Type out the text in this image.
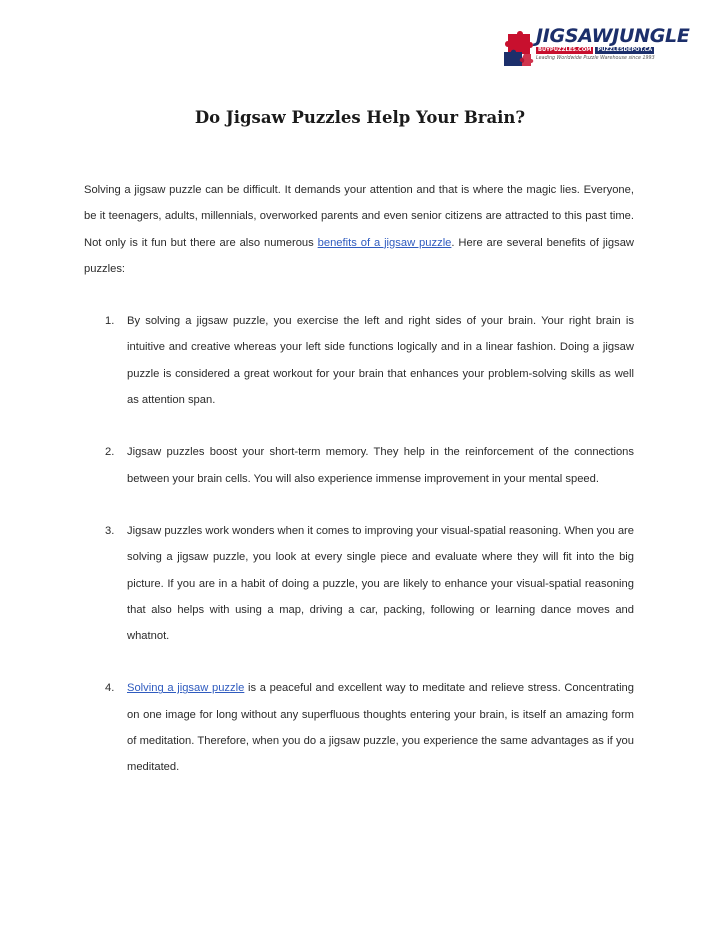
JIGSAWJUNGLE
BUYPUZZLES.COM	PUZZLESDEPOT.CA
Leading Worldwide Puzzle Warehouse since 1993
Do Jigsaw Puzzles Help Your Brain?

Solving a jigsaw puzzle can be difficult. It demands your attention and that is where the magic lies. Everyone, be it teenagers, adults, millennials, overworked parents and even senior citizens are attracted to this past time. Not only is it fun but there are also numerous benefits of a jigsaw puzzle. Here are several benefits of jigsaw puzzles:

1. By solving a jigsaw puzzle, you exercise the left and right sides of your brain. Your right brain is intuitive and creative whereas your left side functions logically and in a linear fashion. Doing a jigsaw puzzle is considered a great workout for your brain that enhances your problem-solving skills as well as attention span.
2. Jigsaw puzzles boost your short-term memory. They help in the reinforcement of the connections between your brain cells. You will also experience immense improvement in your mental speed.
3. Jigsaw puzzles work wonders when it comes to improving your visual-spatial reasoning. When you are solving a jigsaw puzzle, you look at every single piece and evaluate where they will fit into the big picture. If you are in a habit of doing a puzzle, you are likely to enhance your visual-spatial reasoning that also helps with using a map, driving a car, packing, following or learning dance moves and whatnot.
4. Solving a jigsaw puzzle is a peaceful and excellent way to meditate and relieve stress. Concentrating on one image for long without any superfluous thoughts entering your brain, is itself an amazing form of meditation. Therefore, when you do a jigsaw puzzle, you experience the same advantages as if you meditated.
